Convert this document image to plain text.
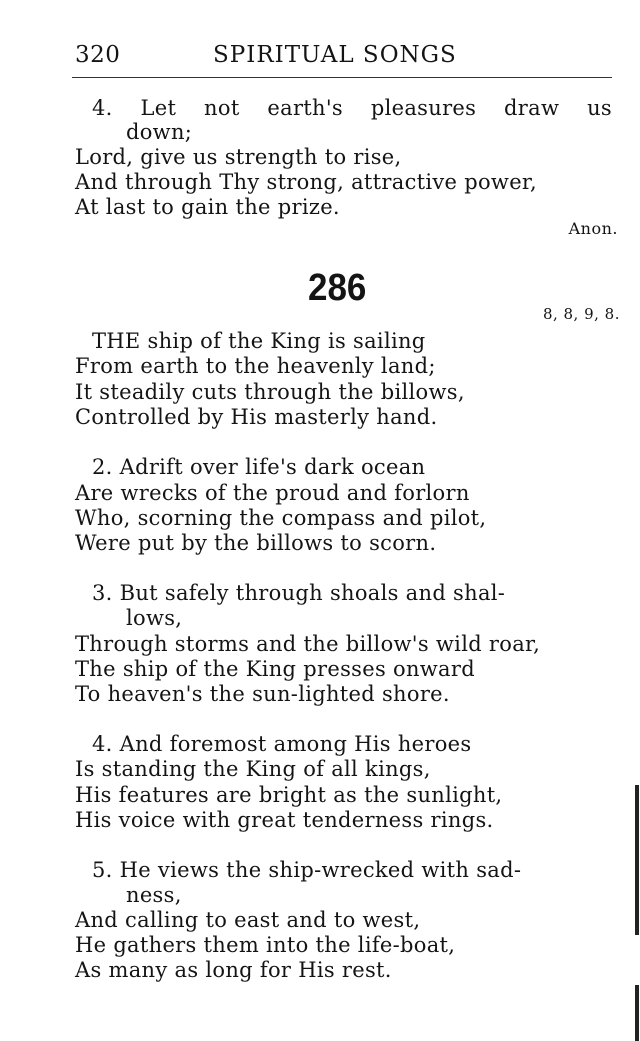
320	SPIRITUAL SONGS
4. Let not earth's pleasures draw us
down;
Lord, give us strength to rise,
And through Thy strong, attractive power,
At last to gain the prize.
Anon.
286
8, 8, 9, 8.
THE ship of the King is sailing
From earth to the heavenly land;
It steadily cuts through the billows,
Controlled by His masterly hand.
2. Adrift over life's dark ocean
Are wrecks of the proud and forlorn
Who, scorning the compass and pilot,
Were put by the billows to scorn.
3. But safely through shoals and shal-
lows,
Through storms and the billow's wild roar,
The ship of the King presses onward
To heaven's the sun-lighted shore.
4. And foremost among His heroes
Is standing the King of all kings,
His features are bright as the sunlight,
His voice with great tenderness rings.
5. He views the ship-wrecked with sad-
ness,
And calling to east and to west,
He gathers them into the life-boat,
As many as long for His rest.
